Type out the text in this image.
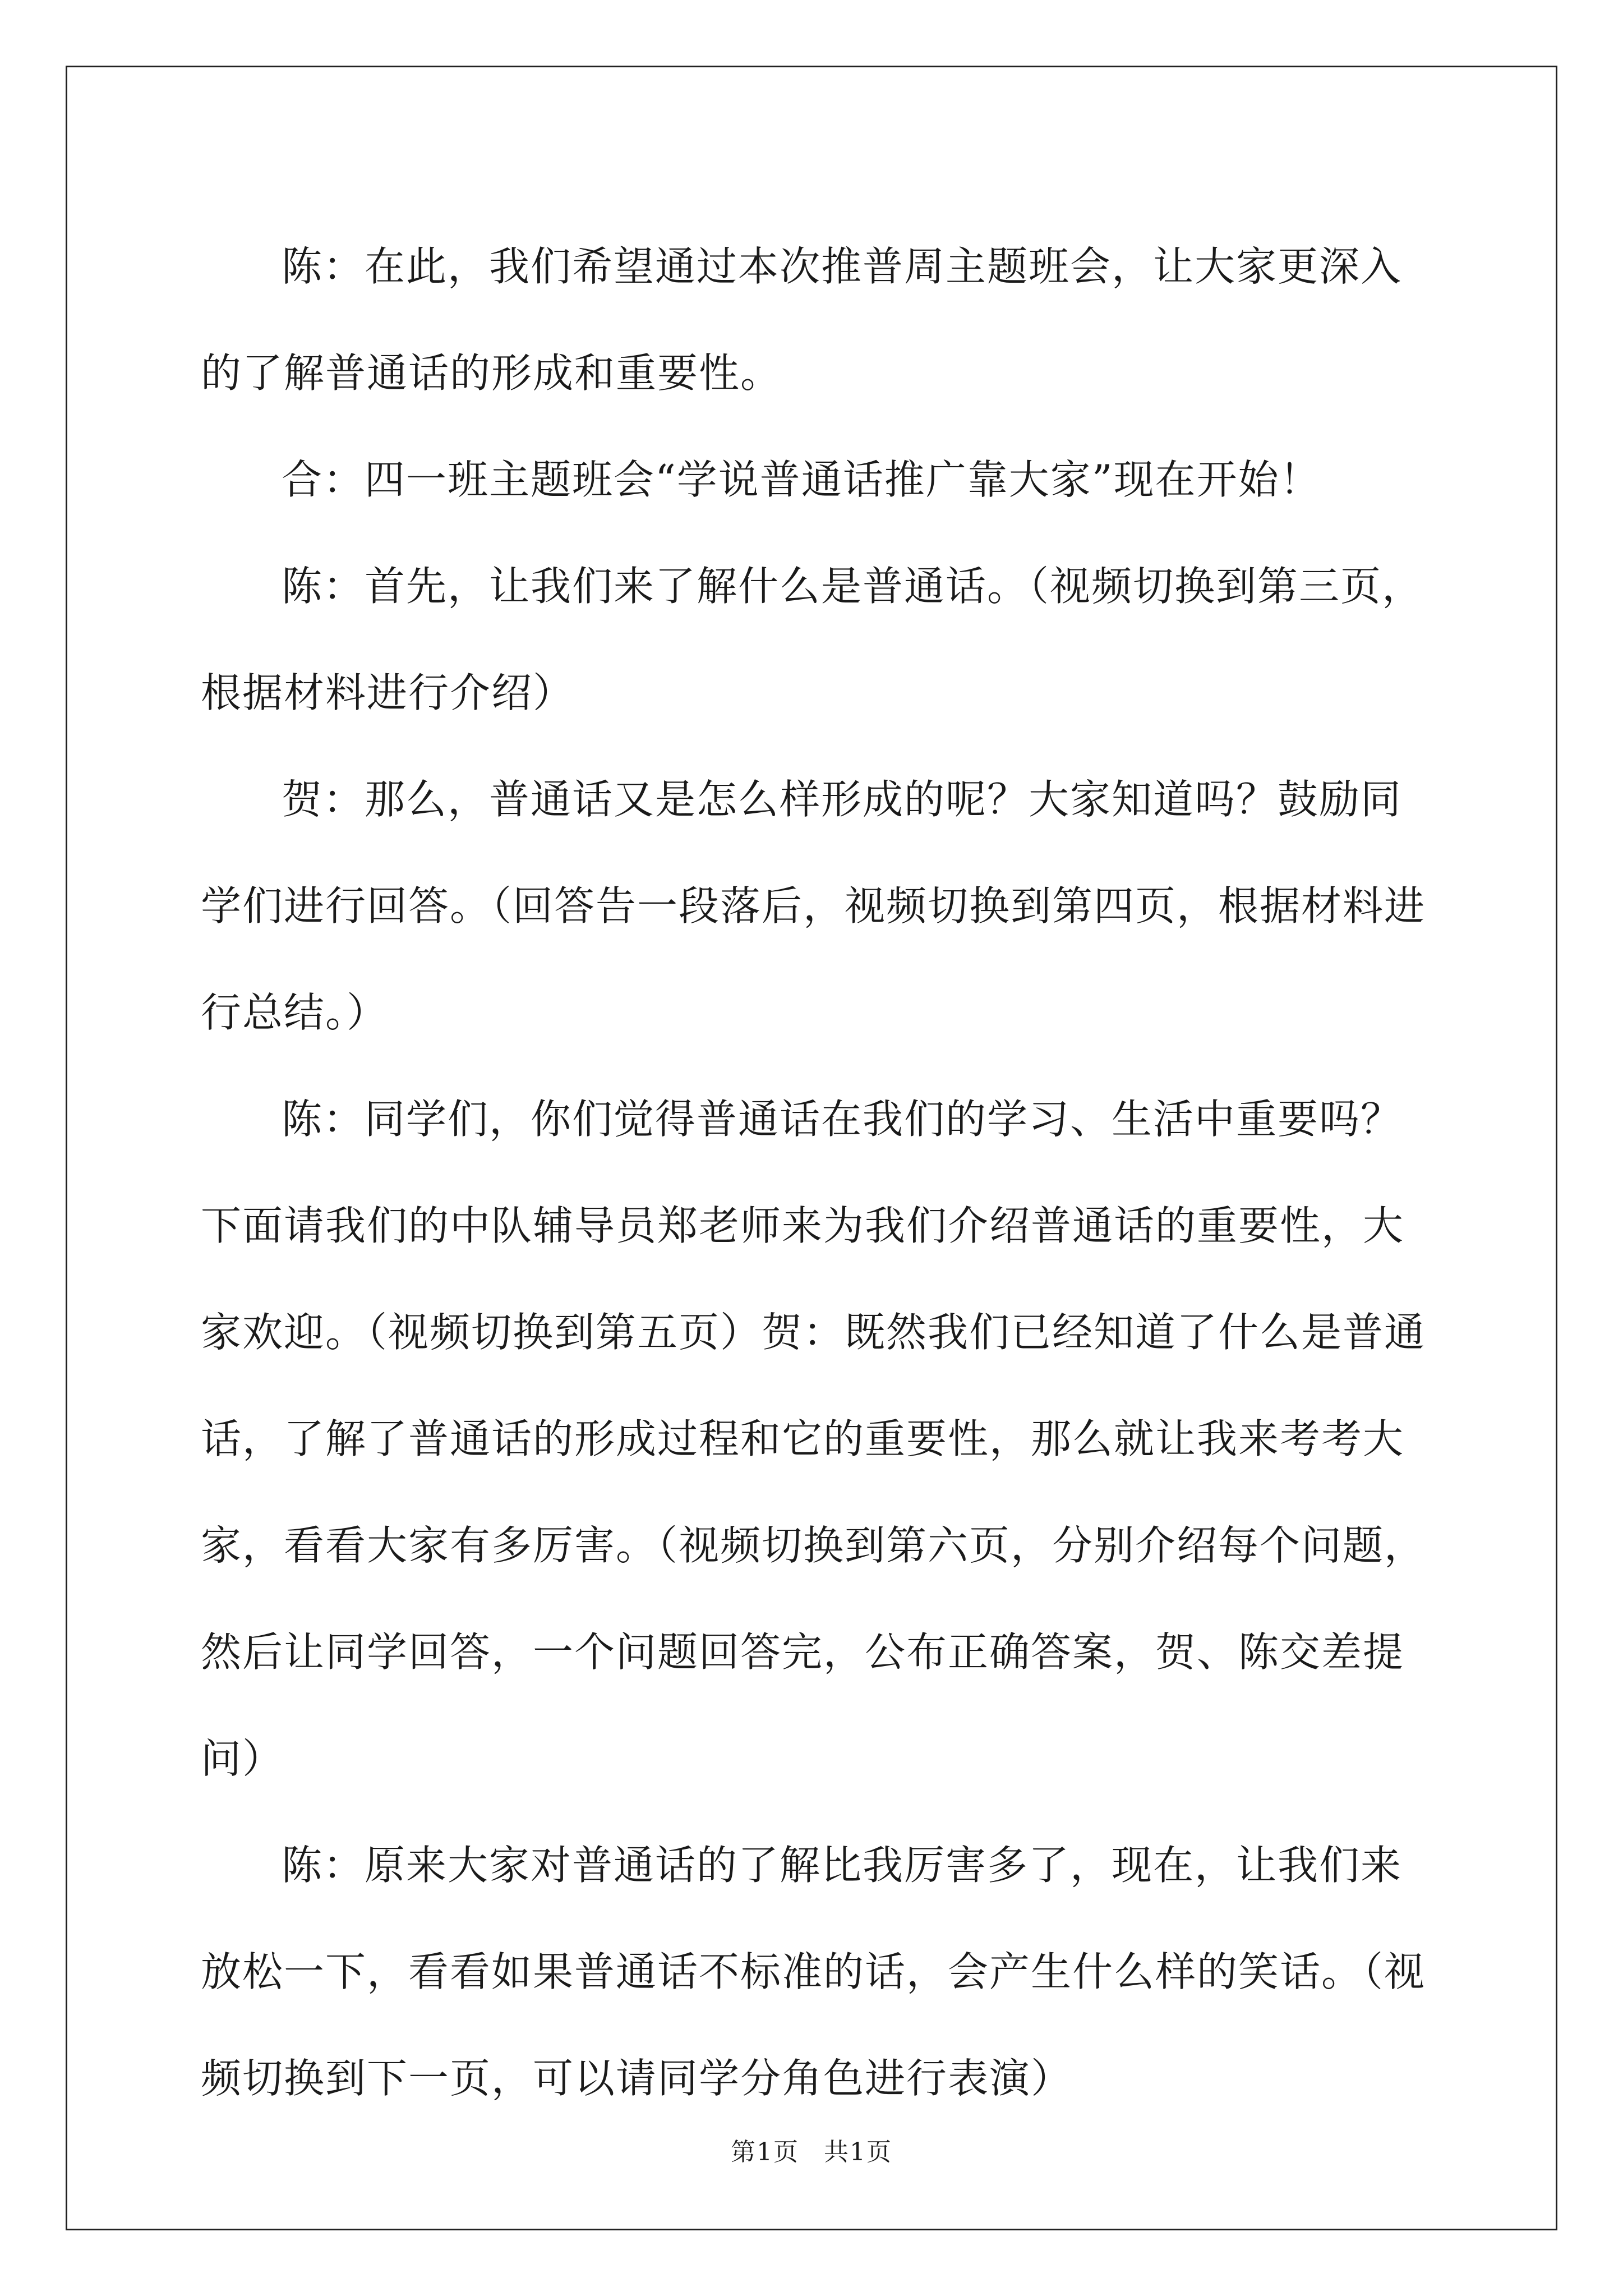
陈：在此，我们希望通过本次推普周主题班会，让大家更深入的了解普通话的形成和重要性。

合：四一班主题班会“学说普通话推广靠大家”现在开始！

陈：首先，让我们来了解什么是普通话。（视频切换到第三页，根据材料进行介绍）

贺：那么，普通话又是怎么样形成的呢？大家知道吗？鼓励同学们进行回答。（回答告一段落后，视频切换到第四页，根据材料进行总结。）

陈：同学们，你们觉得普通话在我们的学习、生活中重要吗？下面请我们的中队辅导员郑老师来为我们介绍普通话的重要性，大家欢迎。（视频切换到第五页）贺：既然我们已经知道了什么是普通话，了解了普通话的形成过程和它的重要性，那么就让我来考考大家，看看大家有多厉害。（视频切换到第六页，分别介绍每个问题，然后让同学回答，一个问题回答完，公布正确答案，贺、陈交差提问）

陈：原来大家对普通话的了解比我厉害多了，现在，让我们来放松一下，看看如果普通话不标准的话，会产生什么样的笑话。（视频切换到下一页，可以请同学分角色进行表演）

第1页 共1页
